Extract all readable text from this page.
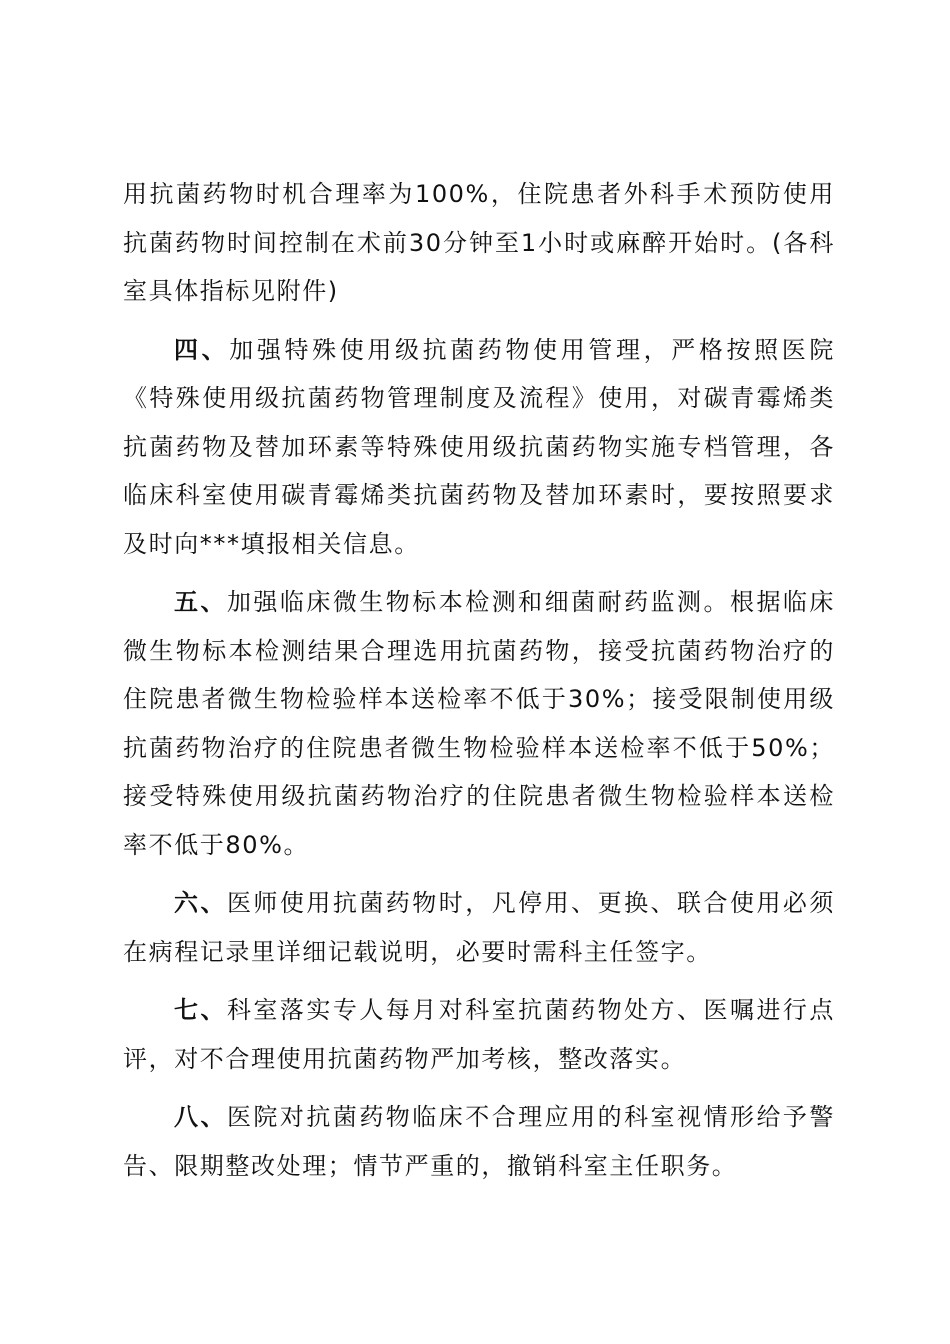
用抗菌药物时机合理率为100%，住院患者外科手术预防使用抗菌药物时间控制在术前30分钟至1小时或麻醉开始时。(各科室具体指标见附件)

四、加强特殊使用级抗菌药物使用管理，严格按照医院《特殊使用级抗菌药物管理制度及流程》使用，对碳青霉烯类抗菌药物及替加环素等特殊使用级抗菌药物实施专档管理，各临床科室使用碳青霉烯类抗菌药物及替加环素时，要按照要求及时向***填报相关信息。

五、加强临床微生物标本检测和细菌耐药监测。根据临床微生物标本检测结果合理选用抗菌药物，接受抗菌药物治疗的住院患者微生物检验样本送检率不低于30%；接受限制使用级抗菌药物治疗的住院患者微生物检验样本送检率不低于50%；接受特殊使用级抗菌药物治疗的住院患者微生物检验样本送检率不低于80%。

六、医师使用抗菌药物时，凡停用、更换、联合使用必须在病程记录里详细记载说明，必要时需科主任签字。

七、科室落实专人每月对科室抗菌药物处方、医嘱进行点评，对不合理使用抗菌药物严加考核，整改落实。

八、医院对抗菌药物临床不合理应用的科室视情形给予警告、限期整改处理；情节严重的，撤销科室主任职务。
